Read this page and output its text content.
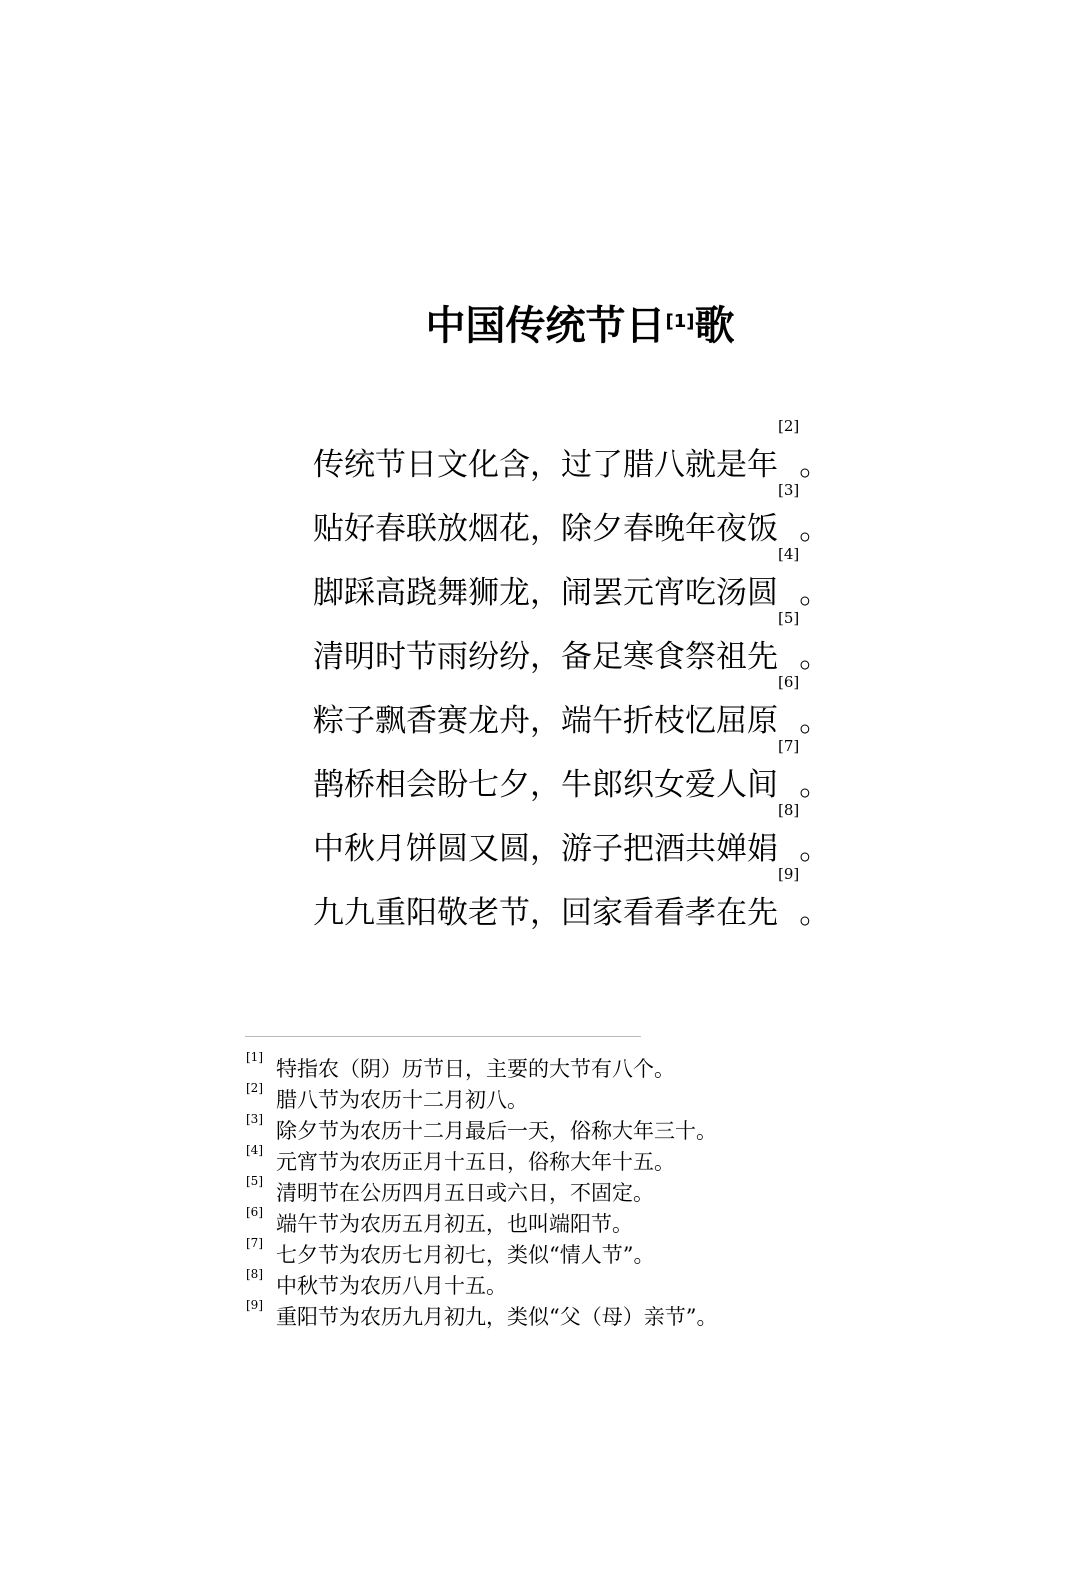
中国传统节日[1]歌
传统节日文化含，过了腊八就是年[2]。
贴好春联放烟花，除夕春晚年夜饭[3]。
脚踩高跷舞狮龙，闹罢元宵吃汤圆[4]。
清明时节雨纷纷，备足寒食祭祖先[5]。
粽子飘香赛龙舟，端午折枝忆屈原[6]。
鹊桥相会盼七夕，牛郎织女爱人间[7]。
中秋月饼圆又圆，游子把酒共婵娟[8]。
九九重阳敬老节，回家看看孝在先[9]。
[1] 特指农（阴）历节日，主要的大节有八个。
[2] 腊八节为农历十二月初八。
[3] 除夕节为农历十二月最后一天，俗称大年三十。
[4] 元宵节为农历正月十五日，俗称大年十五。
[5] 清明节在公历四月五日或六日，不固定。
[6] 端午节为农历五月初五，也叫端阳节。
[7] 七夕节为农历七月初七，类似“情人节”。
[8] 中秋节为农历八月十五。
[9] 重阳节为农历九月初九，类似“父（母）亲节”。
